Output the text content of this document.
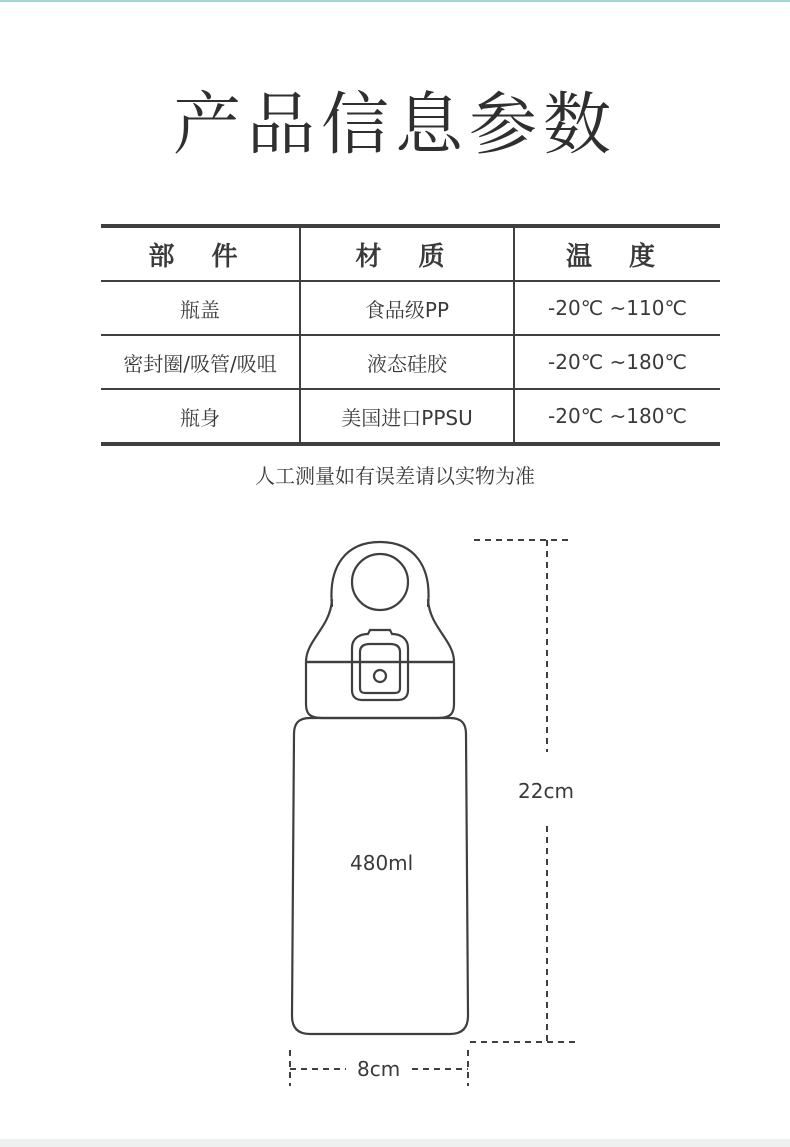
产品信息参数
部 件	材 质	温 度
瓶盖	食品级PP	-20℃ ~110℃
密封圈/吸管/吸咀	液态硅胶	-20℃ ~180℃
瓶身	美国进口PPSU	-20℃ ~180℃
人工测量如有误差请以实物为准
480ml
22cm
8cm
